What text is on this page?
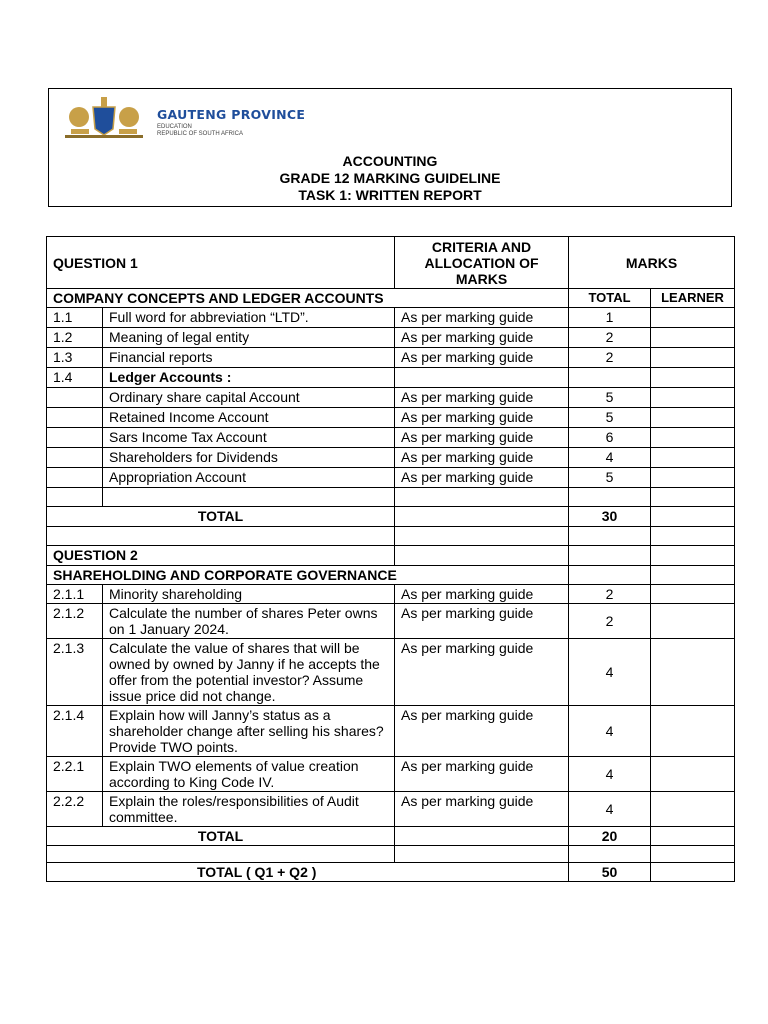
GAUTENG PROVINCE
EDUCATION
REPUBLIC OF SOUTH AFRICA
ACCOUNTING
GRADE 12 MARKING GUIDELINE
TASK 1: WRITTEN REPORT
QUESTION 1		CRITERIA AND ALLOCATION OF MARKS	MARKS	
COMPANY CONCEPTS AND LEDGER ACCOUNTS			TOTAL	LEARNER
1.1	Full word for abbreviation “LTD”.	As per marking guide	1	
1.2	Meaning of legal entity	As per marking guide	2	
1.3	Financial reports	As per marking guide	2	
1.4	Ledger Accounts :			
	Ordinary share capital Account	As per marking guide	5	
	Retained Income Account	As per marking guide	5	
	Sars Income Tax Account	As per marking guide	6	
	Shareholders for Dividends	As per marking guide	4	
	Appropriation Account	As per marking guide	5	

TOTAL			30	

QUESTION 2				
SHAREHOLDING AND CORPORATE GOVERNANCE				
2.1.1	Minority shareholding	As per marking guide	2	
2.1.2	Calculate the number of shares Peter owns on 1 January 2024.	As per marking guide	2	
2.1.3	Calculate the value of shares that will be owned by owned by Janny if he accepts the offer from the potential investor? Assume issue price did not change.	As per marking guide	4	
2.1.4	Explain how will Janny’s status as a shareholder change after selling his shares? Provide TWO points.	As per marking guide	4	
2.2.1	Explain TWO elements of value creation according to King Code IV.	As per marking guide	4	
2.2.2	Explain the roles/responsibilities of Audit committee.	As per marking guide	4	
TOTAL			20	

TOTAL ( Q1 + Q2 )			50	
